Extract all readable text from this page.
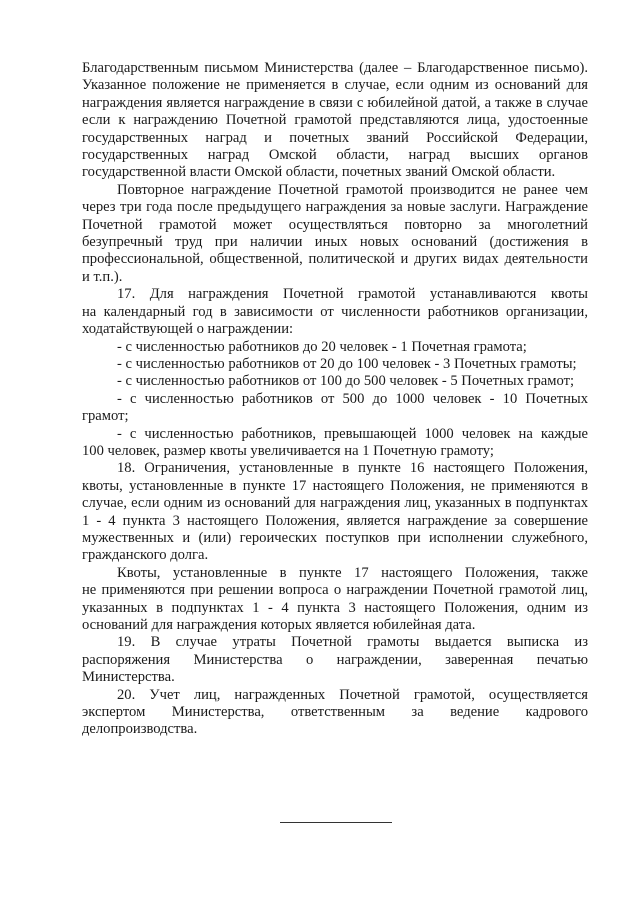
Благодарственным письмом Министерства (далее – Благодарственное письмо).
Указанное положение не применяется в случае, если одним из оснований для
награждения является награждение в связи с юбилейной датой, а также в случае
если к награждению Почетной грамотой представляются лица, удостоенные
государственных наград и почетных званий Российской Федерации,
государственных наград Омской области, наград высших органов
государственной власти Омской области, почетных званий Омской области.
Повторное награждение Почетной грамотой производится не ранее чем
через три года после предыдущего награждения за новые заслуги. Награждение
Почетной грамотой может осуществляться повторно за многолетний
безупречный труд при наличии иных новых оснований (достижения в
профессиональной, общественной, политической и других видах деятельности
и т.п.).
17. Для награждения Почетной грамотой устанавливаются квоты
на календарный год в зависимости от численности работников организации,
ходатайствующей о награждении:
- с численностью работников до 20 человек - 1 Почетная грамота;
- с численностью работников от 20 до 100 человек - 3 Почетных грамоты;
- с численностью работников от 100 до 500 человек - 5 Почетных грамот;
- с численностью работников от 500 до 1000 человек - 10 Почетных
грамот;
- с численностью работников, превышающей 1000 человек на каждые
100 человек, размер квоты увеличивается на 1 Почетную грамоту;
18. Ограничения, установленные в пункте 16 настоящего Положения,
квоты, установленные в пункте 17 настоящего Положения, не применяются в
случае, если одним из оснований для награждения лиц, указанных в подпунктах
1 - 4 пункта 3 настоящего Положения, является награждение за совершение
мужественных и (или) героических поступков при исполнении служебного,
гражданского долга.
Квоты, установленные в пункте 17 настоящего Положения, также
не применяются при решении вопроса о награждении Почетной грамотой лиц,
указанных в подпунктах 1 - 4 пункта 3 настоящего Положения, одним из
оснований для награждения которых является юбилейная дата.
19. В случае утраты Почетной грамоты выдается выписка из
распоряжения Министерства о награждении, заверенная печатью
Министерства.
20. Учет лиц, награжденных Почетной грамотой, осуществляется
экспертом Министерства, ответственным за ведение кадрового
делопроизводства.
